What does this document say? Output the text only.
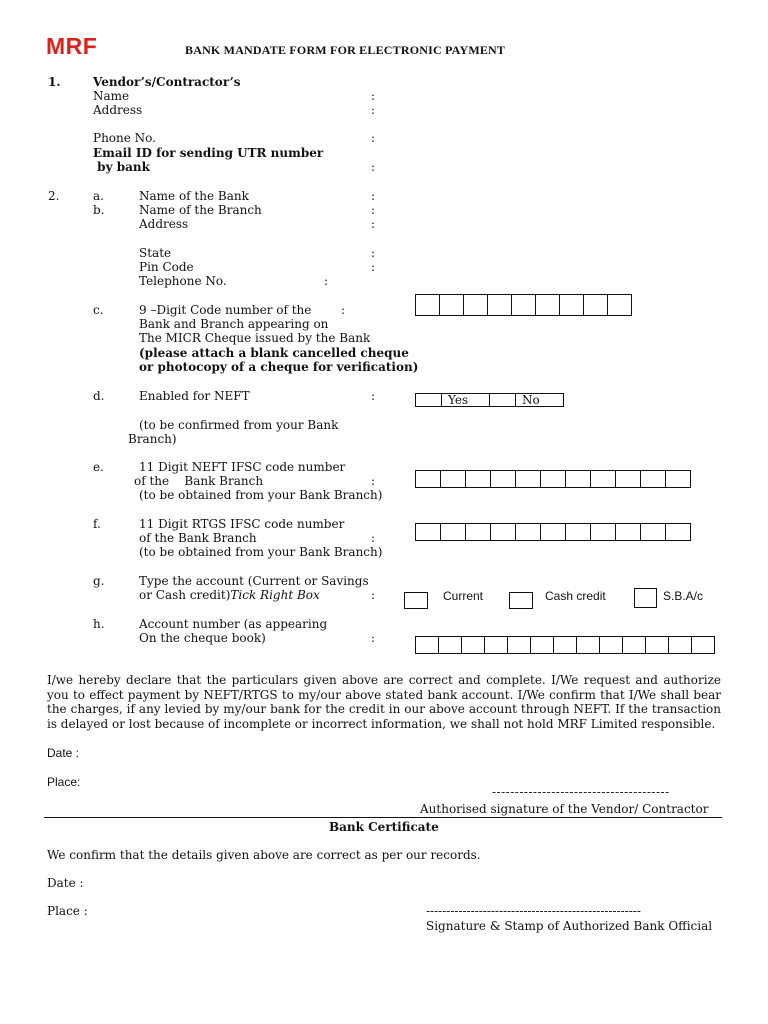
MRF	BANK MANDATE FORM FOR ELECTRONIC PAYMENT
1.	Vendor’s/Contractor’s
Name	:
Address	:
Phone No.	:
Email ID for sending UTR number
by bank	:
2.	a.	Name of the Bank	:
b.	Name of the Branch	:
Address	:
State	:
Pin Code	:
Telephone No.	:
c.	9 –Digit Code number of the :
Bank and Branch appearing on
The MICR Cheque issued by the Bank
(please attach a blank cancelled cheque
or photocopy of a cheque for verification)
d.	Enabled for NEFT	:	Yes	No
(to be confirmed from your Bank
Branch)
e.	11 Digit NEFT IFSC code number
of the    Bank Branch	:
(to be obtained from your Bank Branch)
f.	11 Digit RTGS IFSC code number
of the Bank Branch	:
(to be obtained from your Bank Branch)
g.	Type the account (Current or Savings
or Cash credit)Tick Right Box	:	Current	Cash credit	S.B.A/c
h.	Account number (as appearing
On the cheque book)	:
I/we hereby declare that the particulars given above are correct and complete. I/We request and authorize you to effect payment by NEFT/RTGS to my/our above stated bank account. I/We confirm that I/We shall bear the charges, if any levied by my/our bank for the credit in our above account through NEFT. If the transaction is delayed or lost because of incomplete or incorrect information, we shall not hold MRF Limited responsible.
Date :
Place:
---------------------------------------
Authorised signature of the Vendor/ Contractor
Bank Certificate
We confirm that the details given above are correct as per our records.
Date :
Place :	-----------------------------------------------------
Signature & Stamp of Authorized Bank Official
